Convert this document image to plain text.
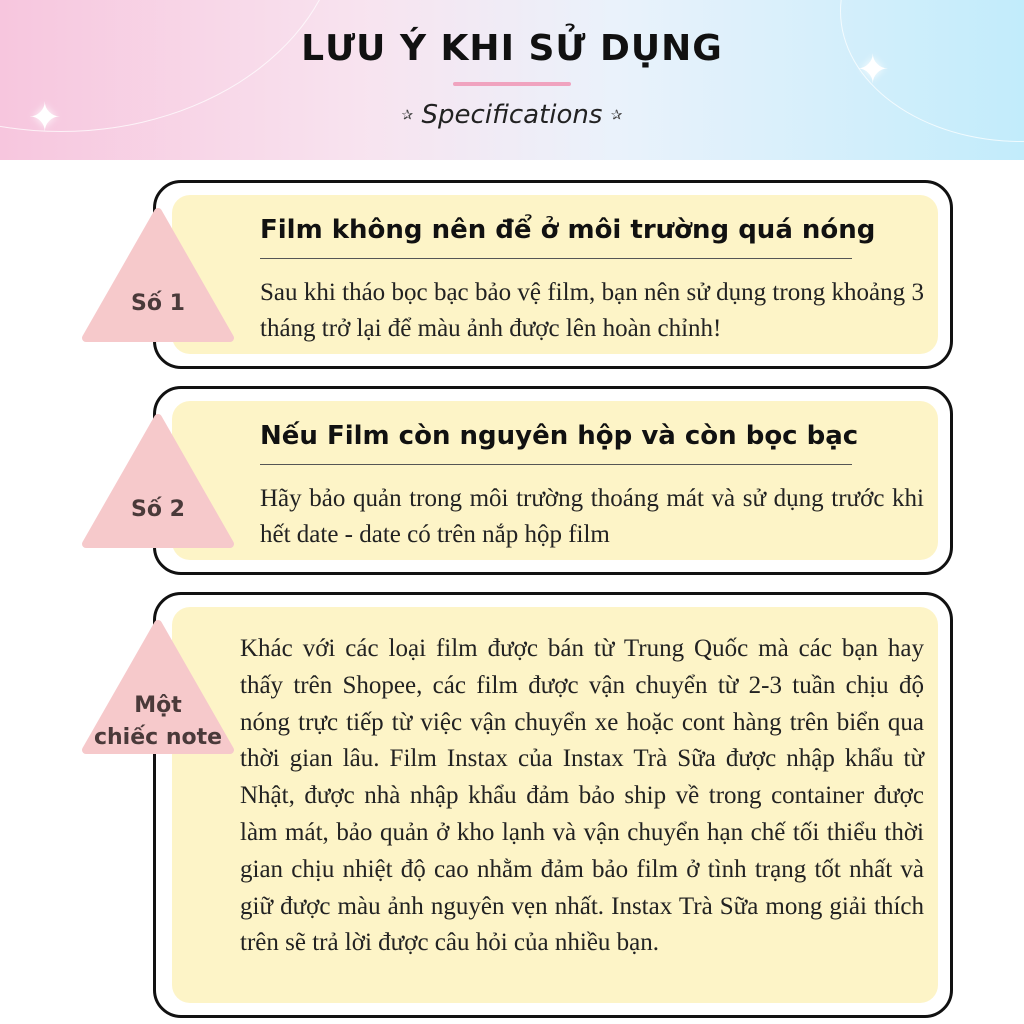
✦
✦
LƯU Ý KHI SỬ DỤNG
✰ Specifications ✰
Film không nên để ở môi trường quá nóng
Sau khi tháo bọc bạc bảo vệ film, bạn nên sử dụng trong khoảng 3 tháng trở lại để màu ảnh được lên hoàn chỉnh!
Nếu Film còn nguyên hộp và còn bọc bạc
Hãy bảo quản trong môi trường thoáng mát và sử dụng trước khi hết date - date có trên nắp hộp film
Khác với các loại film được bán từ Trung Quốc mà các bạn hay thấy trên Shopee, các film được vận chuyển từ 2-3 tuần chịu độ nóng trực tiếp từ việc vận chuyển xe hoặc cont hàng trên biển qua thời gian lâu. Film Instax của Instax Trà Sữa được nhập khẩu từ Nhật, được nhà nhập khẩu đảm bảo ship về trong container được làm mát, bảo quản ở kho lạnh và vận chuyển hạn chế tối thiểu thời gian chịu nhiệt độ cao nhằm đảm bảo film ở tình trạng tốt nhất và giữ được màu ảnh nguyên vẹn nhất. Instax Trà Sữa mong giải thích trên sẽ trả lời được câu hỏi của nhiều bạn.
Số 1
Số 2
Một
chiếc note
